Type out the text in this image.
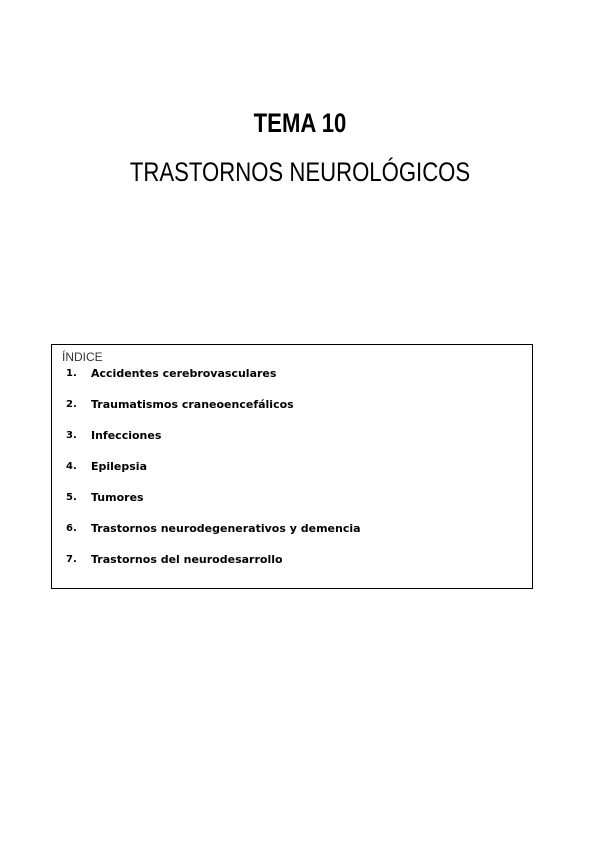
TEMA 10
TRASTORNOS NEUROLÓGICOS

ÍNDICE

1. Accidentes cerebrovasculares
2. Traumatismos craneoencefálicos
3. Infecciones
4. Epilepsia
5. Tumores
6. Trastornos neurodegenerativos y demencia
7. Trastornos del neurodesarrollo
